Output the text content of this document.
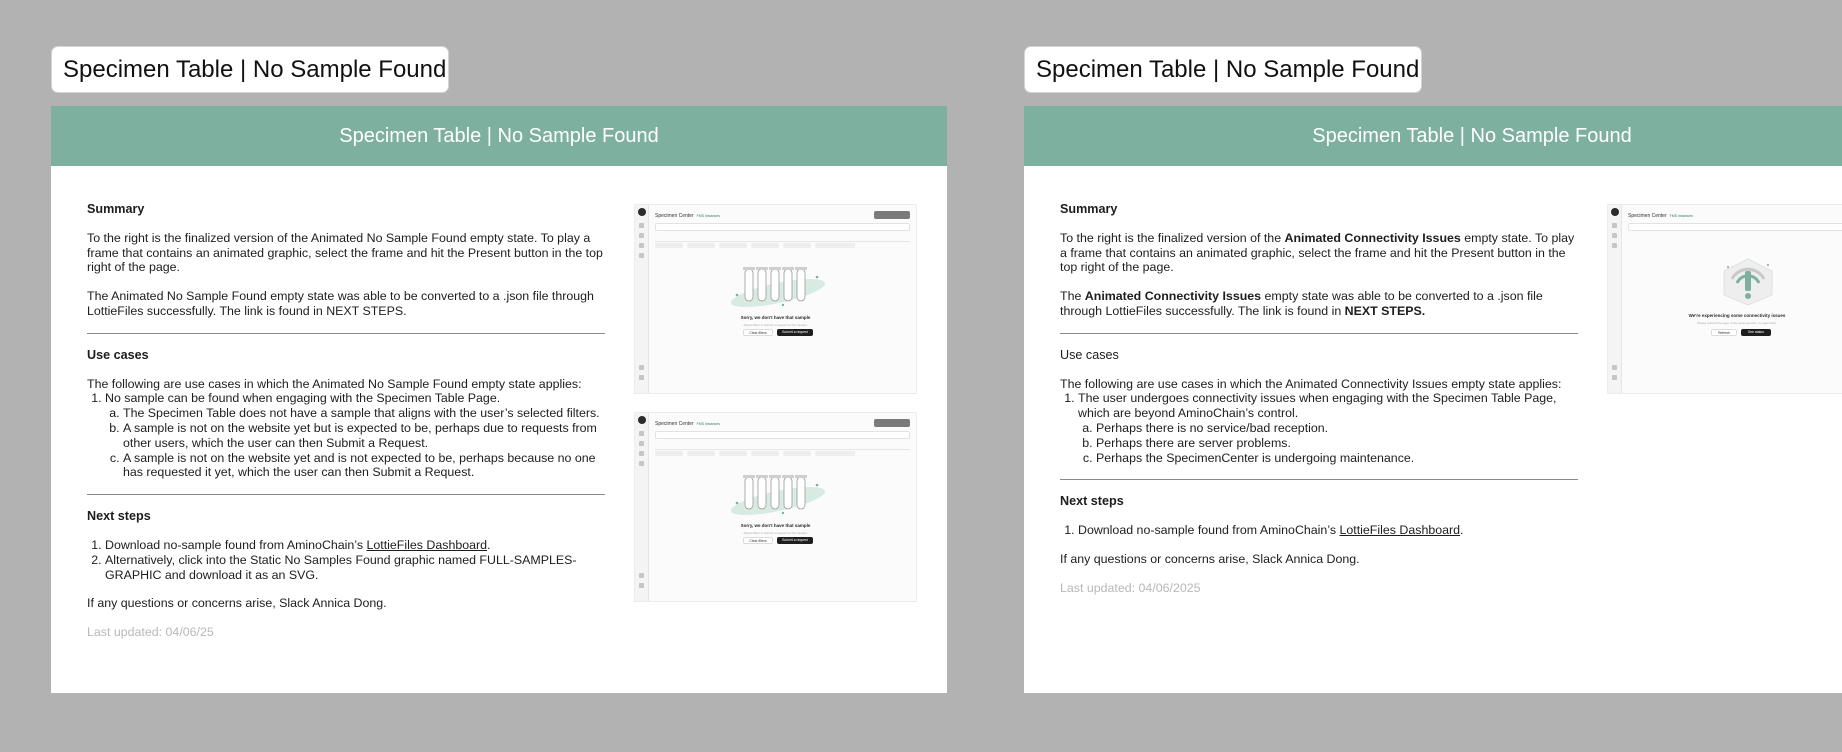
Specimen Table | No Sample Found
Specimen Table | No Sample Found
Summary

To the right is the finalized version of the Animated No Sample Found empty state. To play a frame that contains an animated graphic, select the frame and hit the Present button in the top right of the page.

The Animated No Sample Found empty state was able to be converted to a .json file through LottieFiles successfully. The link is found in NEXT STEPS.

Use cases
The following are use cases in which the Animated No Sample Found empty state applies:
1. No sample can be found when engaging with the Specimen Table Page.
a. The Specimen Table does not have a sample that aligns with the user’s selected filters.
b. A sample is not on the website yet but is expected to be, perhaps due to requests from other users, which the user can then Submit a Request.
c. A sample is not on the website yet and is not expected to be, perhaps because no one has requested it yet, which the user can then Submit a Request.
Next steps
1. Download no-sample found from AminoChain’s LottieFiles Dashboard.
2. Alternatively, click into the Static No Samples Found graphic named FULL-SAMPLES-GRAPHIC and download it as an SVG.

If any questions or concerns arise, Slack Annica Dong.

Last updated: 04/06/25

Specimen Center FMS Instances
Sorry, we don't have that sample
Adjust filters or submit a request for this sample.
Clear filters	Submit a request
Specimen Center FMS Instances
Sorry, we don't have that sample
Adjust filters or submit a request for this sample.
Clear filters	Submit a request
Specimen Table | No Sample Found
Specimen Table | No Sample Found
Summary

To the right is the finalized version of the Animated Connectivity Issues empty state. To play a frame that contains an animated graphic, select the frame and hit the Present button in the top right of the page.

The Animated Connectivity Issues empty state was able to be converted to a .json file through LottieFiles successfully. The link is found in NEXT STEPS.

Use cases
The following are use cases in which the Animated Connectivity Issues empty state applies:
1. The user undergoes connectivity issues when engaging with the Specimen Table Page, which are beyond AminoChain’s control.
a. Perhaps there is no service/bad reception.
b. Perhaps there are server problems.
c. Perhaps the SpecimenCenter is undergoing maintenance.
Next steps
1. Download no-sample found from AminoChain’s LottieFiles Dashboard.

If any questions or concerns arise, Slack Annica Dong.

Last updated: 04/06/2025

Specimen Center FMS Instances
We're experiencing some connectivity issues
Please refresh the page. If the issue persists, try again later.
Refresh	See status
